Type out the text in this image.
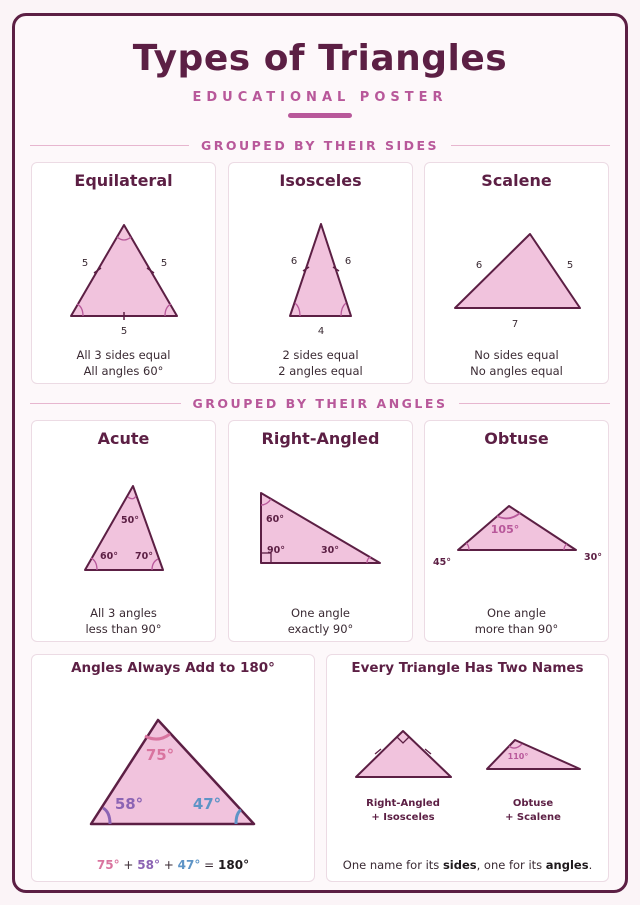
Types of Triangles
EDUCATIONAL POSTER
GROUPED BY THEIR SIDES
Equilateral
5	5
5
All 3 sides equal
All angles 60°
Isosceles
6	6
4
2 sides equal
2 angles equal
Scalene
6	5
7
No sides equal
No angles equal
GROUPED BY THEIR ANGLES
Acute
50°
60° 70°
All 3 angles
less than 90°
Right-Angled
60°
90°	30°
One angle
exactly 90°
Obtuse
105°
45°	30°
One angle
more than 90°
Angles Always Add to 180°
75°
58°	47°
75° + 58° + 47° = 180°
Every Triangle Has Two Names
110°
Right-Angled
+ Isosceles
Obtuse
+ Scalene
One name for its sides, one for its angles.
